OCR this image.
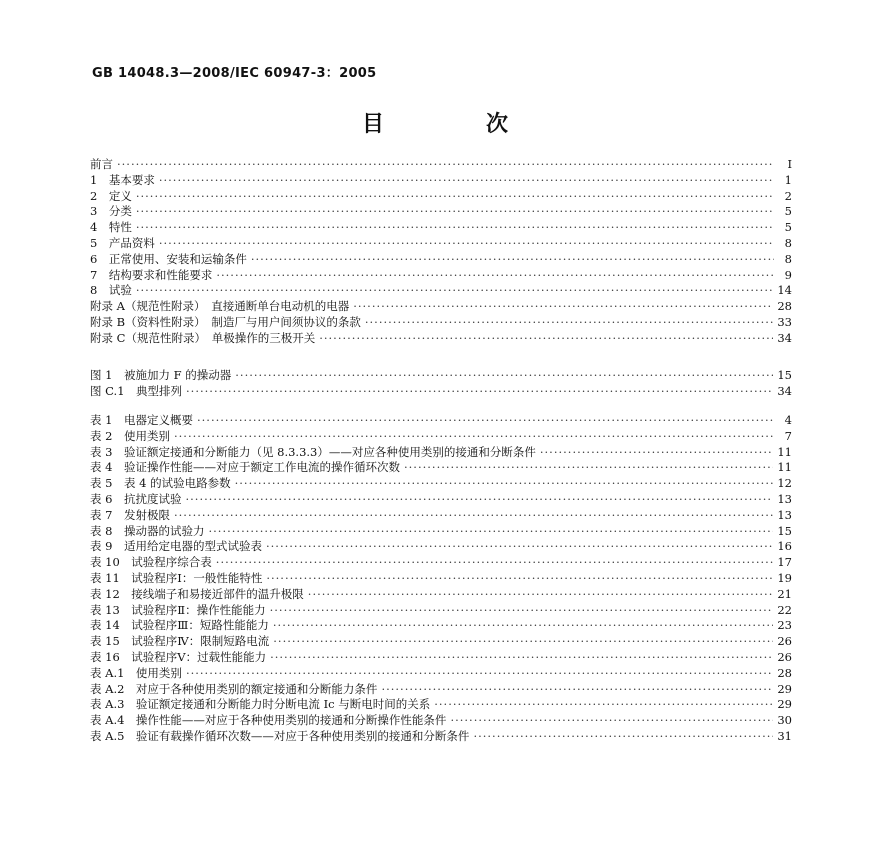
GB 14048.3—2008/IEC 60947-3：2005
目　次
前言 ·····	Ⅰ
1　基本要求 ·····	1
2　定义 ·····	2
3　分类 ·····	5
4　特性 ·····	5
5　产品资料 ·····	8
6　正常使用、安装和运输条件 ·····	8
7　结构要求和性能要求 ·····	9
8　试验 ·····	14
附录 A（规范性附录）　直接通断单台电动机的电器 ·····	28
附录 B（资料性附录）　制造厂与用户间须协议的条款 ·····	33
附录 C（规范性附录）　单极操作的三极开关 ·····	34
图 1　被施加力 F 的操动器 ·····	15
图 C.1　典型排列 ·····	34
表 1　电器定义概要 ·····	4
表 2　使用类别 ·····	7
表 3　验证额定接通和分断能力（见 8.3.3.3）——对应各种使用类别的接通和分断条件 ·····	11
表 4　验证操作性能——对应于额定工作电流的操作循环次数 ·····	11
表 5　表 4 的试验电路参数 ·····	12
表 6　抗扰度试验 ·····	13
表 7　发射极限 ·····	13
表 8　操动器的试验力 ·····	15
表 9　适用给定电器的型式试验表 ·····	16
表 10　试验程序综合表 ·····	17
表 11　试验程序Ⅰ：一般性能特性 ·····	19
表 12　接线端子和易接近部件的温升极限 ·····	21
表 13　试验程序Ⅱ：操作性能能力 ·····	22
表 14　试验程序Ⅲ：短路性能能力 ·····	23
表 15　试验程序Ⅳ：限制短路电流 ·····	26
表 16　试验程序Ⅴ：过载性能能力 ·····	26
表 A.1　使用类别 ·····	28
表 A.2　对应于各种使用类别的额定接通和分断能力条件 ·····	29
表 A.3　验证额定接通和分断能力时分断电流 Ic 与断电时间的关系 ·····	29
表 A.4　操作性能——对应于各种使用类别的接通和分断操作性能条件 ·····	30
表 A.5　验证有载操作循环次数——对应于各种使用类别的接通和分断条件 ·····	31
